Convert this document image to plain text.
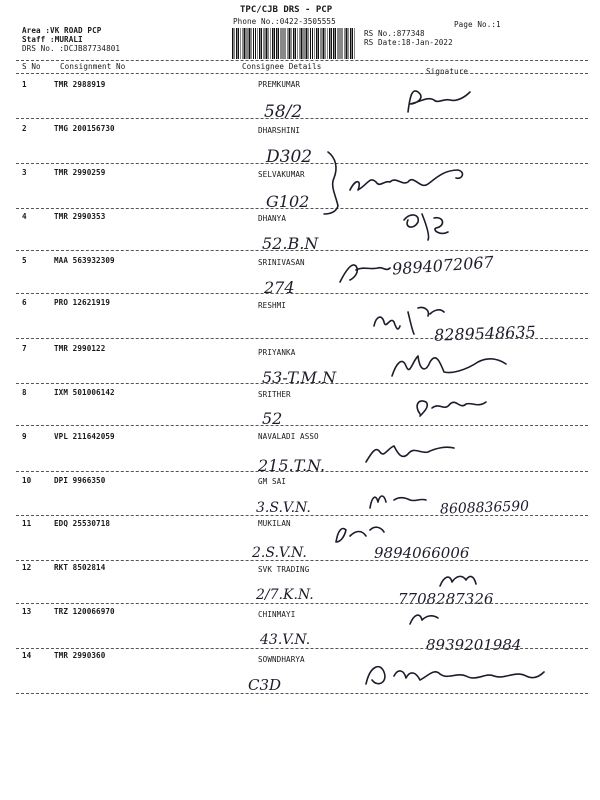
TPC/CJB DRS - PCP
Phone No.:0422-3505555	Page No.:1
Area :VK ROAD PCP
Staff :MURALI
DRS No. :DCJB87734801
RS No.:877348
RS Date:18-Jan-2022
S No	Consignment No	Consignee Details
Signature
1	TMR 2988919	PREMKUMAR
58/2
2	TMG 200156730	DHARSHINI
D302
3	TMR 2990259	SELVAKUMAR
G102
4	TMR 2990353	DHANYA
52.B.N
5	MAA 563932309	SRINIVASAN
274
9894072067
6	PRO 12621919	RESHMI
8289548635
7	TMR 2990122	PRIYANKA
53-T.M.N
8	IXM 501006142	SRITHER
52
9	VPL 211642059	NAVALADI ASSO
215.T.N.
10	DPI 9966350	GM SAI
3.S.V.N.	8608836590
11	EDQ 25530718	MUKILAN
2.S.V.N.	9894066006
12	RKT 8502814	SVK TRADING
2/7.K.N.	7708287326
13	TRZ 120066970	CHINMAYI
43.V.N.	8939201984
14	TMR 2990360	SOWNDHARYA
C3D
